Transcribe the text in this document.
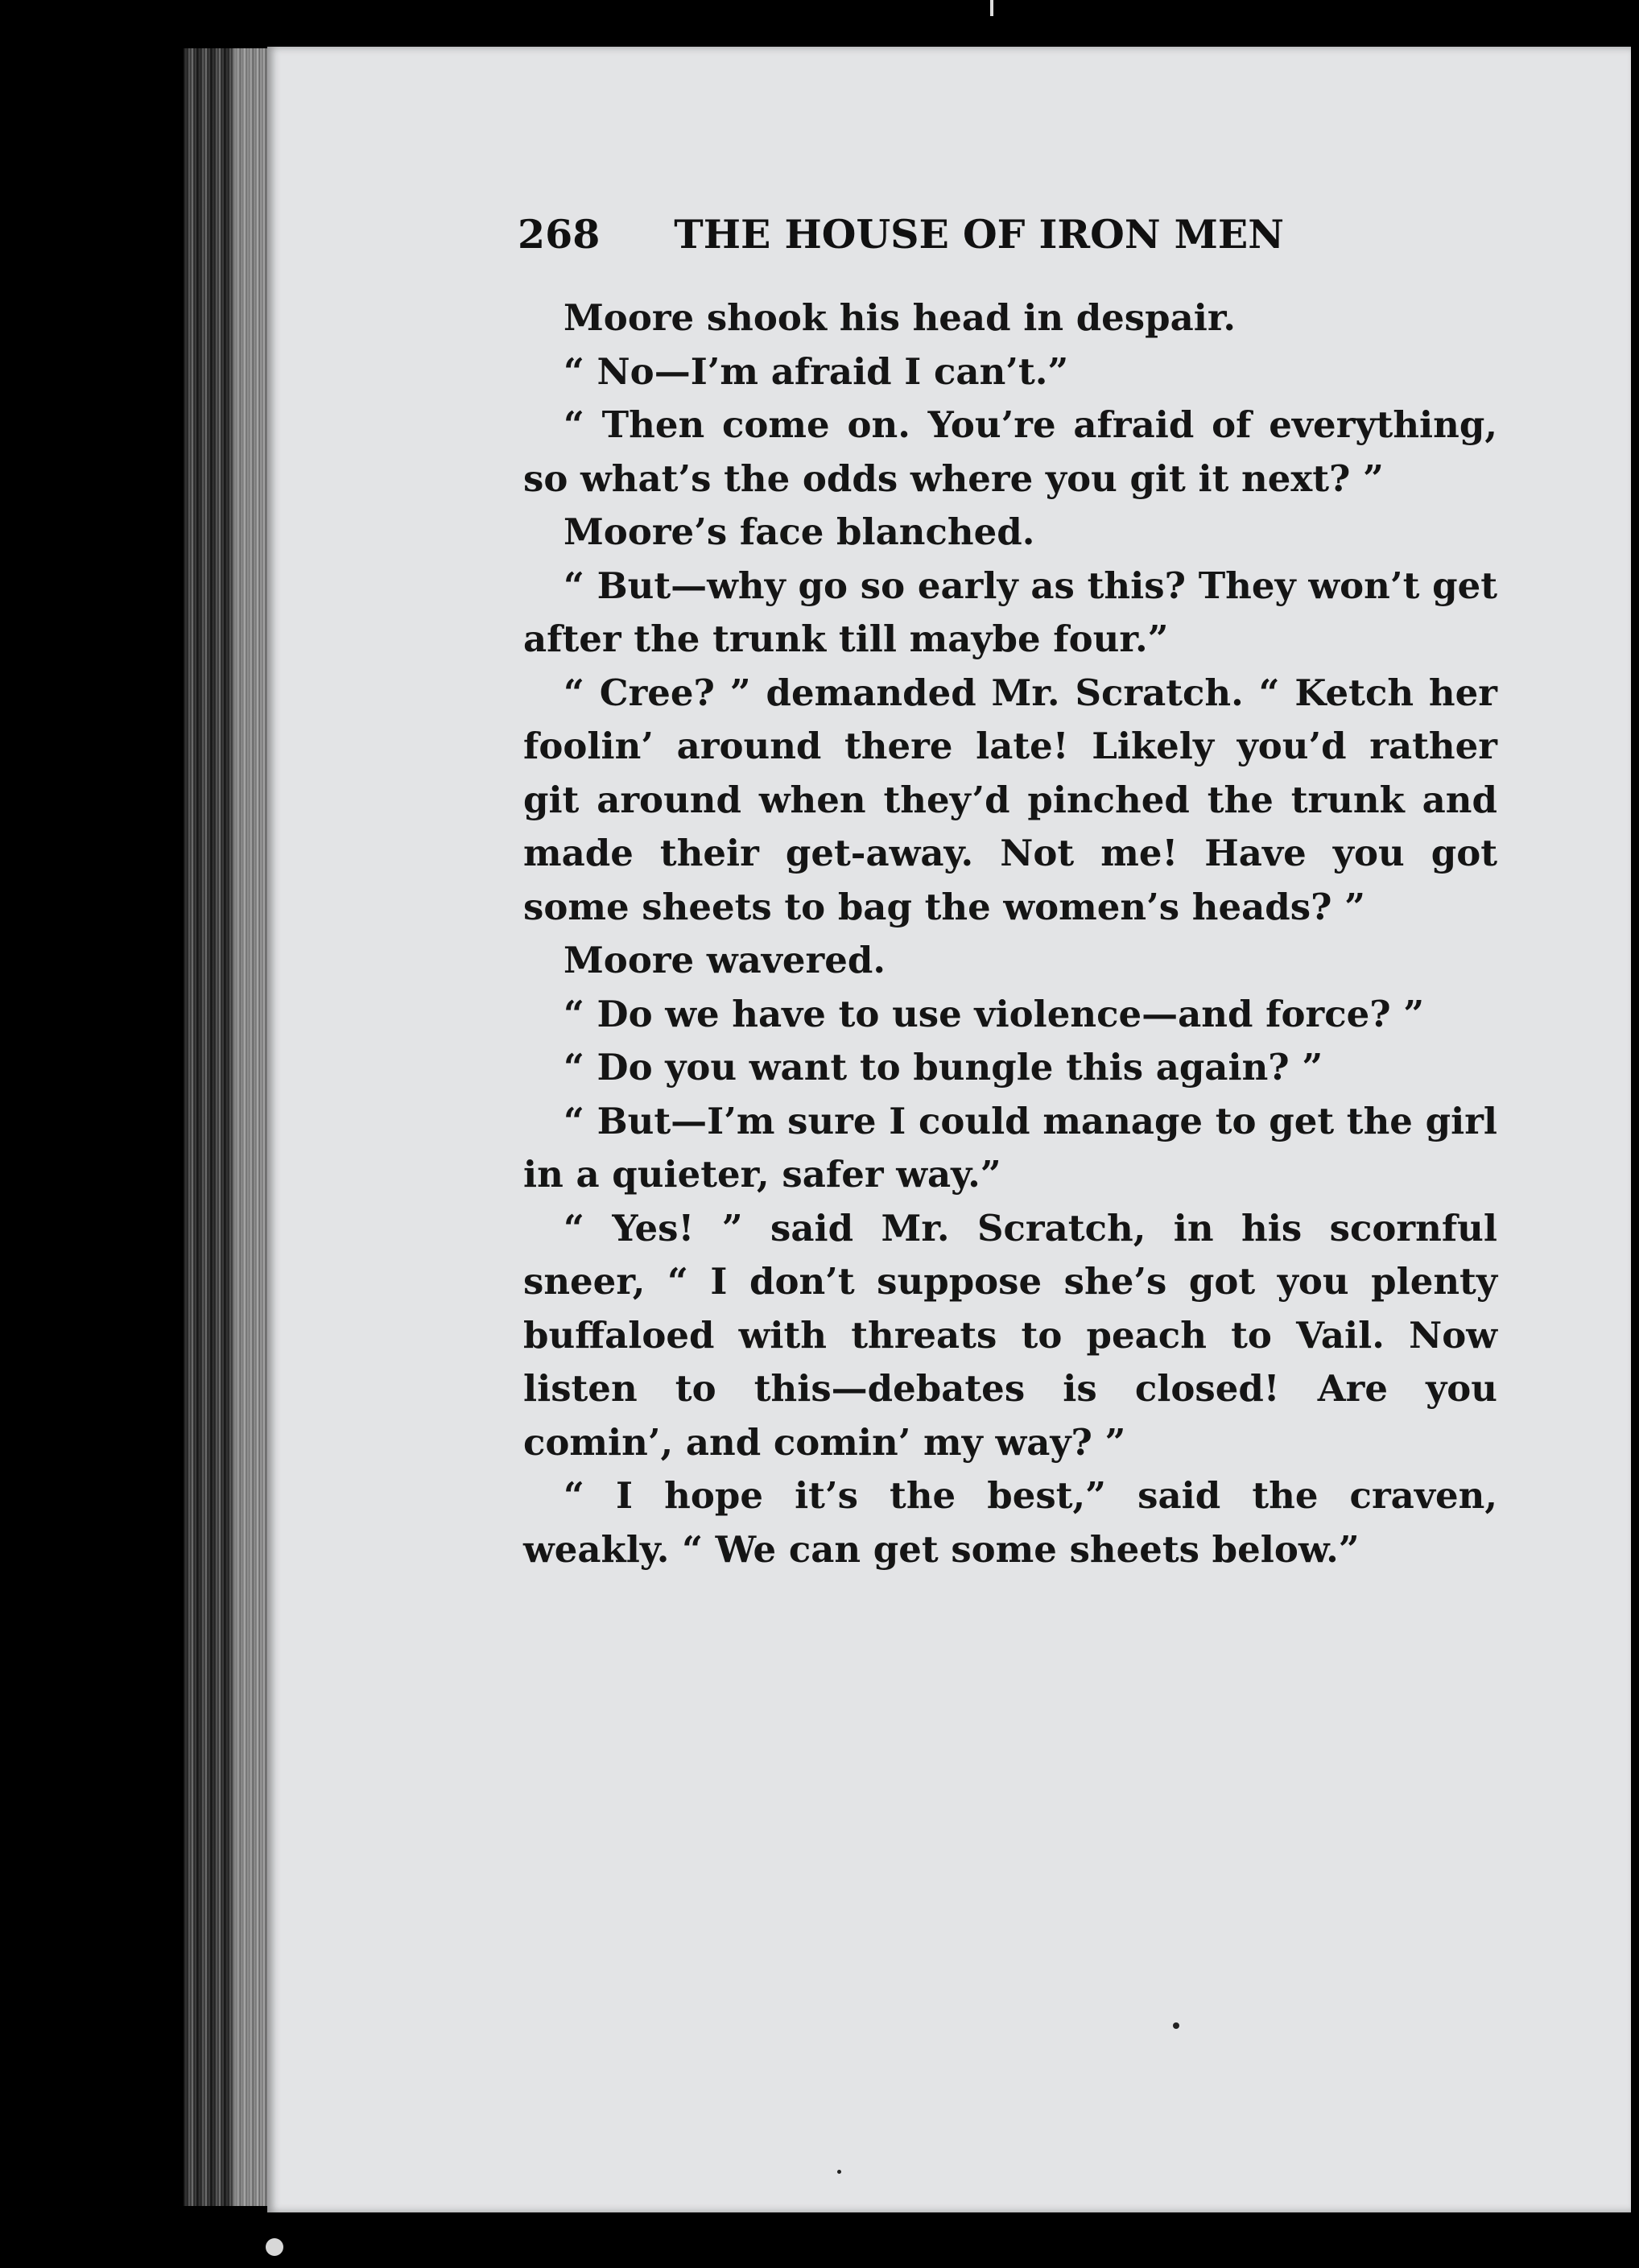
268 THE HOUSE OF IRON MEN

Moore shook his head in despair.

“ No—I’m afraid I can’t.”

“ Then come on. You’re afraid of everything, so what’s the odds where you git it next? ”

Moore’s face blanched.

“ But—why go so early as this? They won’t get after the trunk till maybe four.”

“ Cree? ” demanded Mr. Scratch. “ Ketch her foolin’ around there late! Likely you’d rather git around when they’d pinched the trunk and made their get-away. Not me! Have you got some sheets to bag the women’s heads? ”

Moore wavered.

“ Do we have to use violence—and force? ”

“ Do you want to bungle this again? ”

“ But—I’m sure I could manage to get the girl in a quieter, safer way.”

“ Yes! ” said Mr. Scratch, in his scornful sneer, “ I don’t suppose she’s got you plenty buffaloed with threats to peach to Vail. Now listen to this—debates is closed! Are you comin’, and comin’ my way? ”

“ I hope it’s the best,” said the craven, weakly. “ We can get some sheets below.”
